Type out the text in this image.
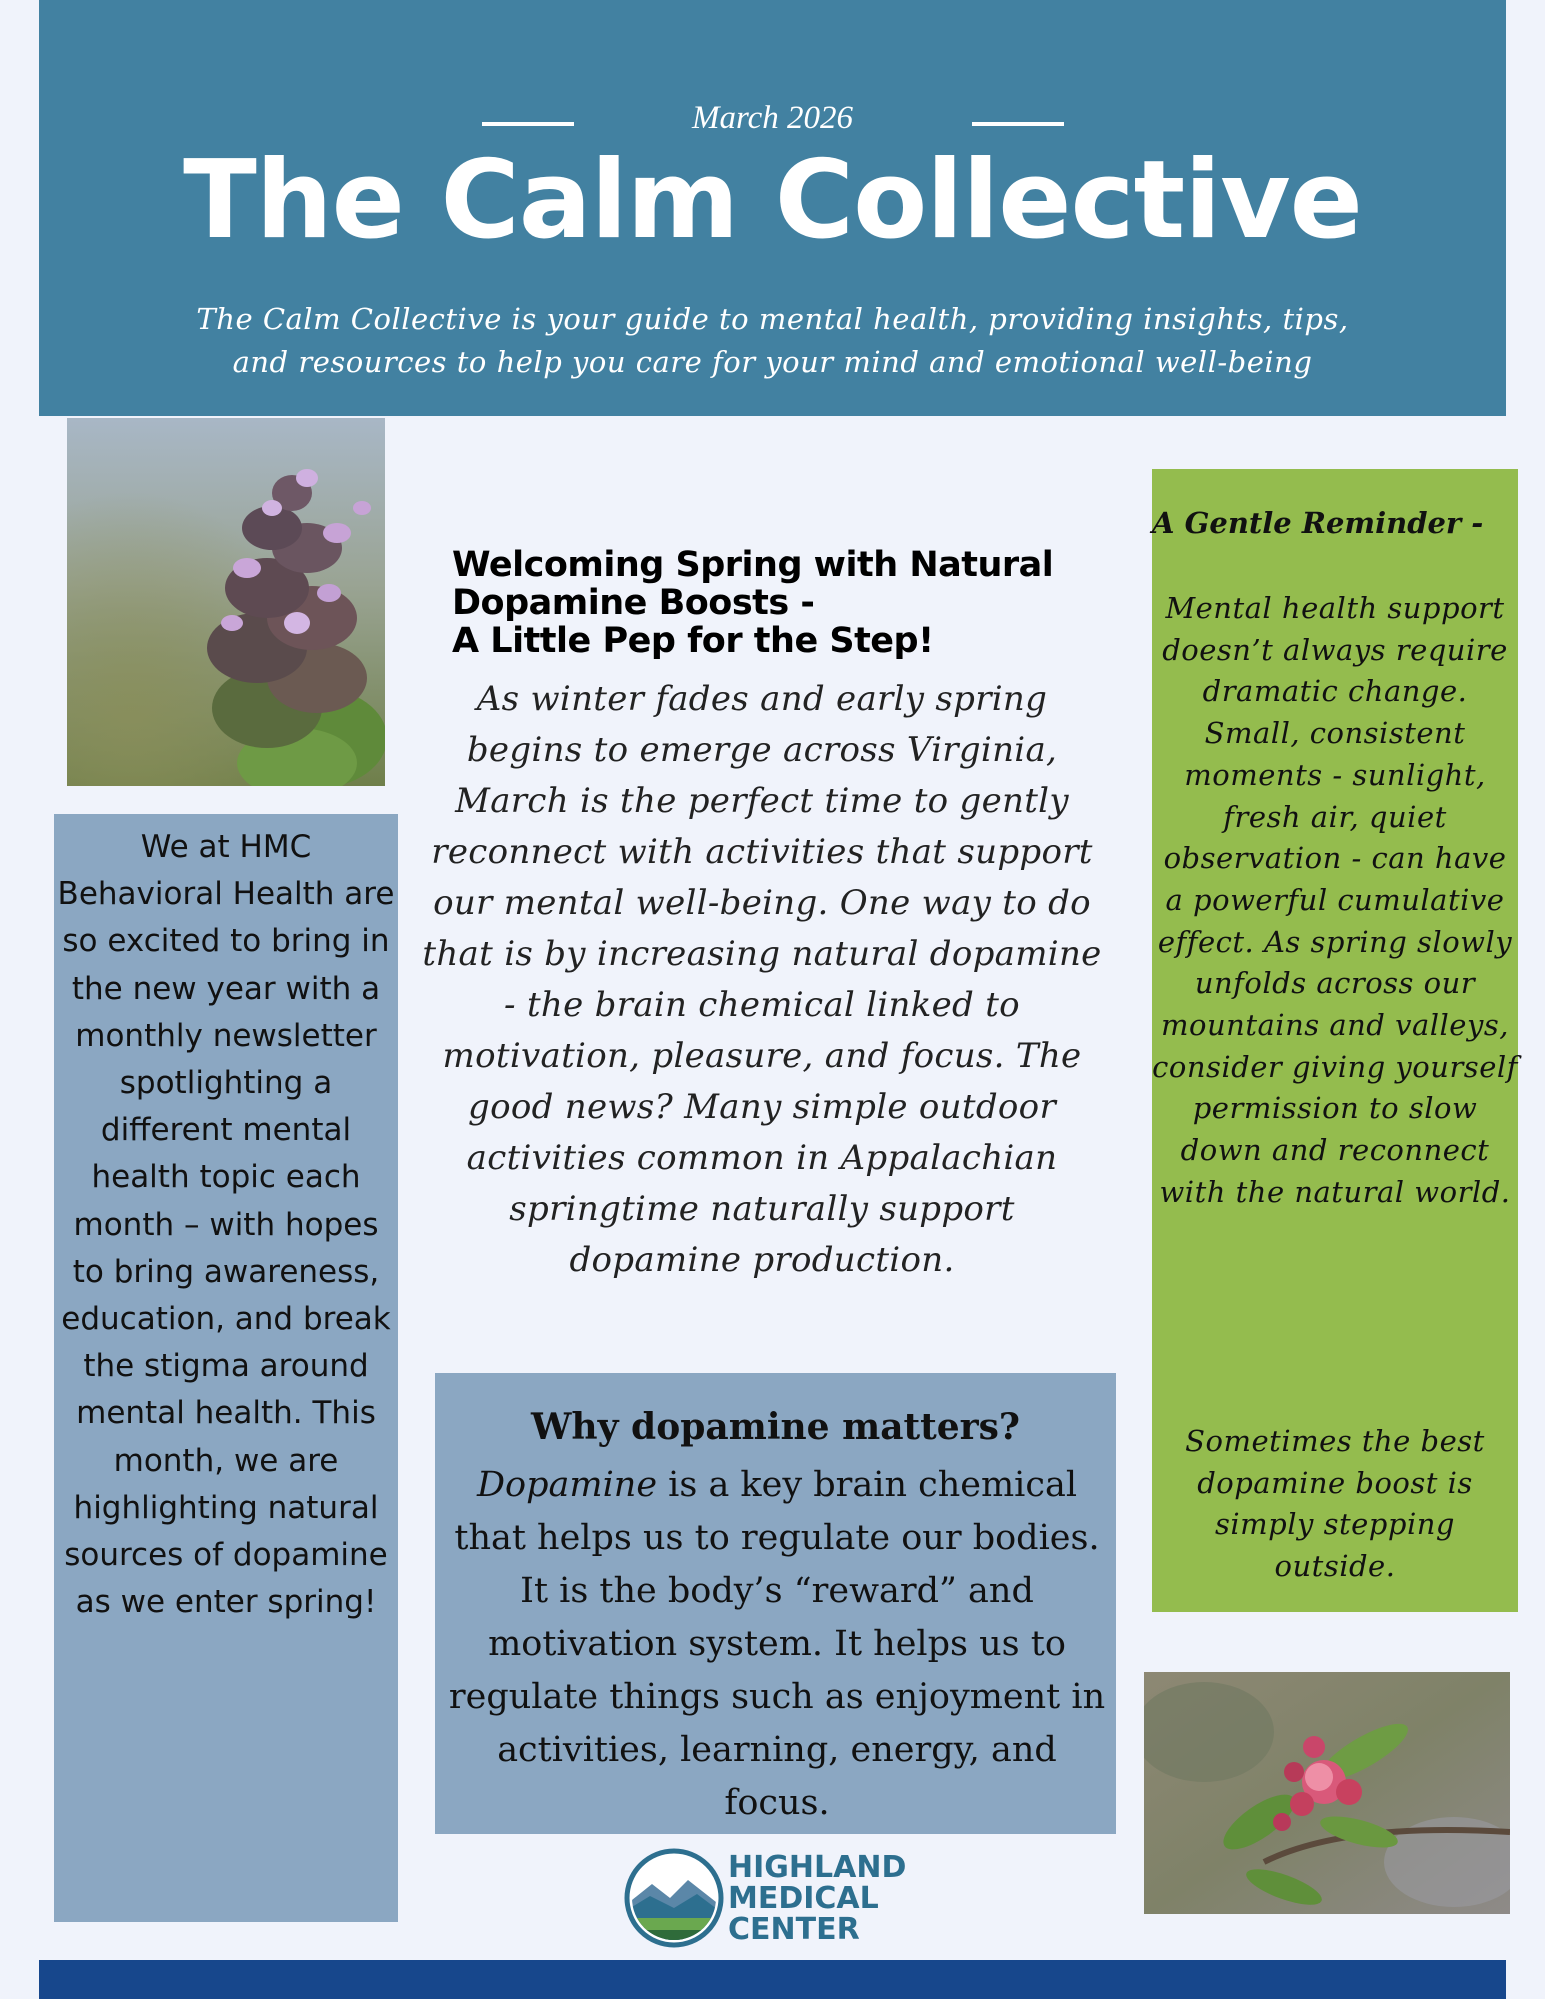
March 2026
The Calm Collective
The Calm Collective is your guide to mental health, providing insights, tips,
and resources to help you care for your mind and emotional well-being
We at HMC Behavioral Health are so excited to bring in the new year with a monthly newsletter spotlighting a different mental health topic each month – with hopes to bring awareness, education, and break the stigma around mental health. This month, we are highlighting natural sources of dopamine as we enter spring!
Welcoming Spring with Natural
Dopamine Boosts -
A Little Pep for the Step!
As winter fades and early spring begins to emerge across Virginia, March is the perfect time to gently reconnect with activities that support our mental well-being. One way to do that is by increasing natural dopamine - the brain chemical linked to motivation, pleasure, and focus. The good news? Many simple outdoor activities common in Appalachian springtime naturally support dopamine production.
Why dopamine matters?
Dopamine is a key brain chemical that helps us to regulate our bodies. It is the body’s “reward” and motivation system. It helps us to regulate things such as enjoyment in activities, learning, energy, and focus.
A Gentle Reminder -
Mental health support doesn’t always require dramatic change. Small, consistent moments - sunlight, fresh air, quiet observation - can have a powerful cumulative effect. As spring slowly unfolds across our mountains and valleys, consider giving yourself permission to slow down and reconnect with the natural world.
Sometimes the best dopamine boost is simply stepping outside.
HIGHLAND
MEDICAL
CENTER
